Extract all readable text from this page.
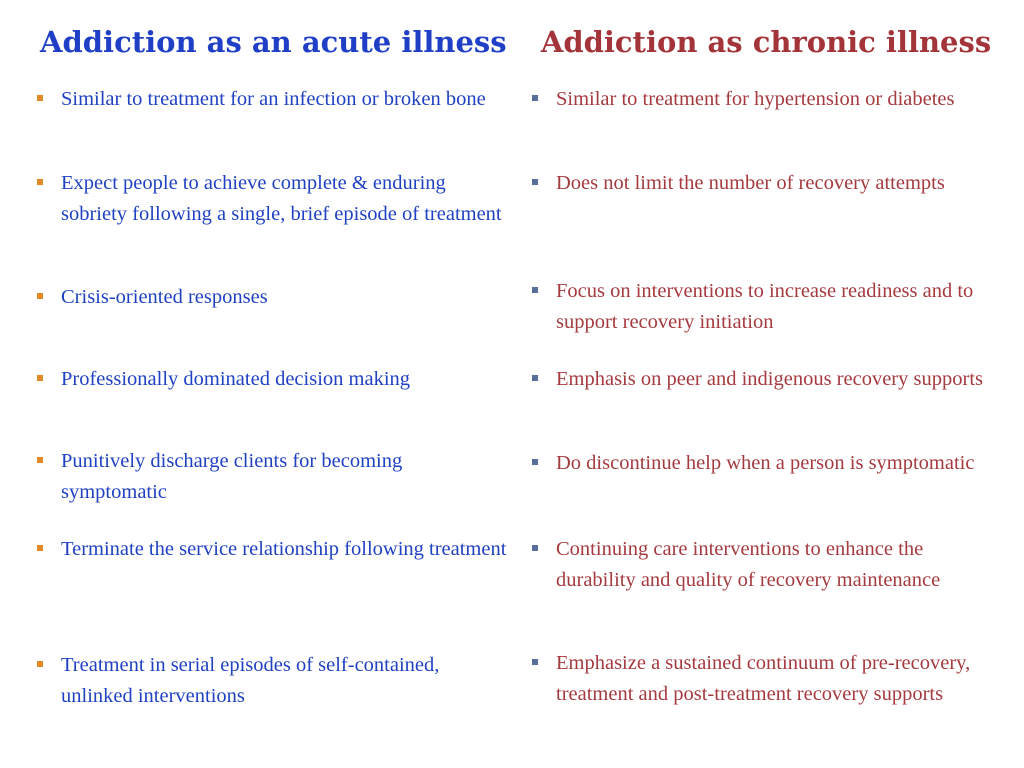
Addiction as an acute illness Addiction as chronic illness
Similar to treatment for an infection or broken bone
Expect people to achieve complete & enduring sobriety following a single, brief episode of treatment
Crisis-oriented responses
Professionally dominated decision making
Punitively discharge clients for becoming symptomatic
Terminate the service relationship following treatment
Treatment in serial episodes of self-contained, unlinked interventions
Similar to treatment for hypertension or diabetes
Does not limit the number of recovery attempts
Focus on interventions to increase readiness and to support recovery initiation
Emphasis on peer and indigenous recovery supports
Do discontinue help when a person is symptomatic
Continuing care interventions to enhance the durability and quality of recovery maintenance
Emphasize a sustained continuum of pre-recovery, treatment and post-treatment recovery supports
